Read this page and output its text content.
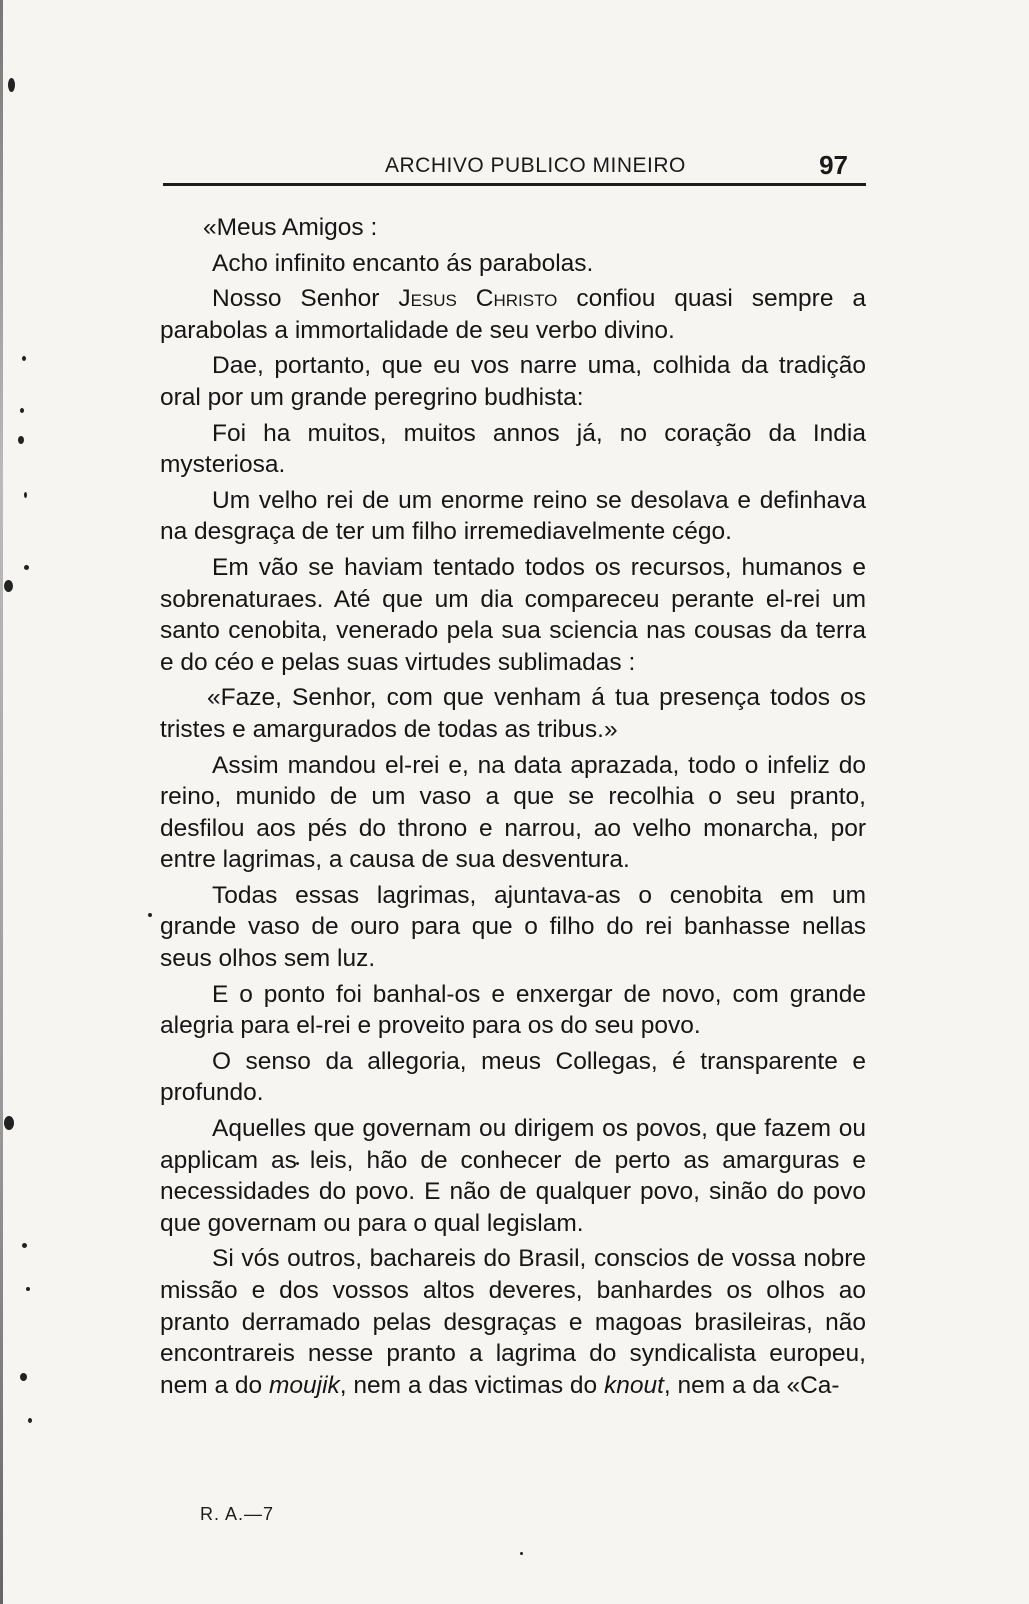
ARCHIVO PUBLICO MINEIRO	97

«Meus Amigos :

Acho infinito encanto ás parabolas.

Nosso Senhor Jesus Christo confiou quasi sempre a parabolas a immortalidade de seu verbo divino.

Dae, portanto, que eu vos narre uma, colhida da tradição oral por um grande peregrino budhista:

Foi ha muitos, muitos annos já, no coração da India mysteriosa.

Um velho rei de um enorme reino se desolava e definhava na desgraça de ter um filho irremediavelmente cégo.

Em vão se haviam tentado todos os recursos, humanos e sobrenaturaes. Até que um dia compareceu perante el-rei um santo cenobita, venerado pela sua sciencia nas cousas da terra e do céo e pelas suas virtudes sublimadas :

«Faze, Senhor, com que venham á tua presença todos os tristes e amargurados de todas as tribus.»

Assim mandou el-rei e, na data aprazada, todo o infeliz do reino, munido de um vaso a que se recolhia o seu pranto, desfilou aos pés do throno e narrou, ao velho monarcha, por entre lagrimas, a causa de sua desventura.

Todas essas lagrimas, ajuntava-as o cenobita em um grande vaso de ouro para que o filho do rei banhasse nellas seus olhos sem luz.

E o ponto foi banhal-os e enxergar de novo, com grande alegria para el-rei e proveito para os do seu povo.

O senso da allegoria, meus Collegas, é transparente e profundo.

Aquelles que governam ou dirigem os povos, que fazem ou applicam as leis, hão de conhecer de perto as amarguras e necessidades do povo. E não de qualquer povo, sinão do povo que governam ou para o qual legislam.

Si vós outros, bachareis do Brasil, conscios de vossa nobre missão e dos vossos altos deveres, banhardes os olhos ao pranto derramado pelas desgraças e magoas brasileiras, não encontrareis nesse pranto a lagrima do syndicalista europeu, nem a do moujik, nem a das victimas do knout, nem a da «Ca-

R. A.—7
